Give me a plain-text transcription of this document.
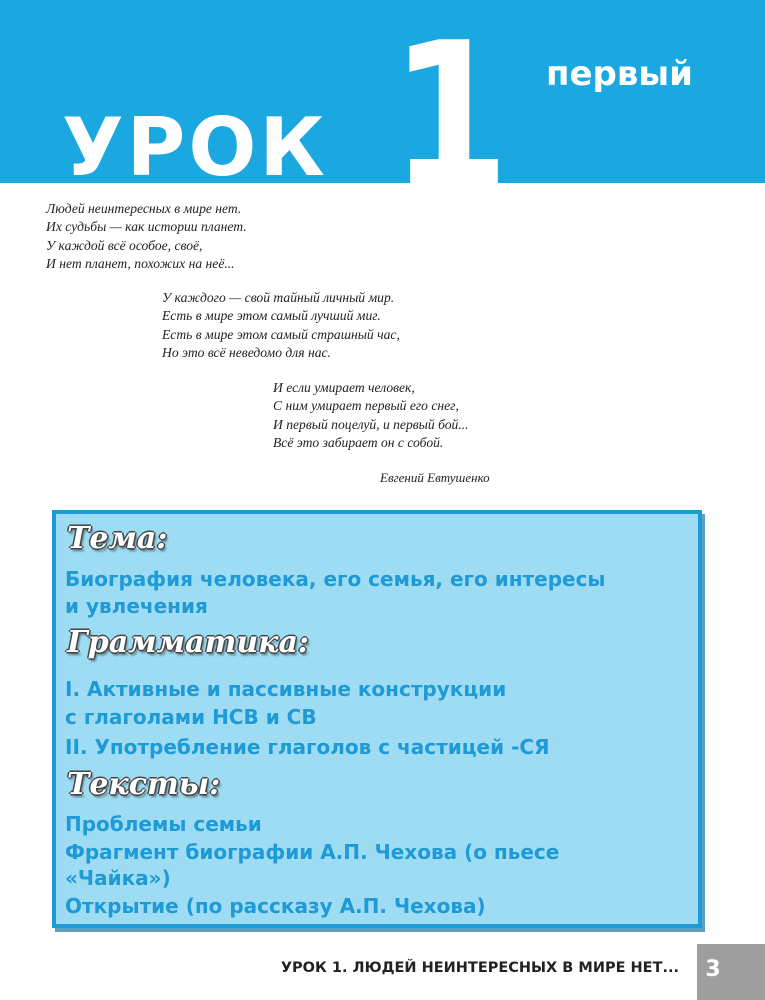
УРОК 1 первый
Людей неинтересных в мире нет.
Их судьбы — как истории планет.
У каждой всё особое, своё,
И нет планет, похожих на неё...
У каждого — свой тайный личный мир.
Есть в мире этом самый лучший миг.
Есть в мире этом самый страшный час,
Но это всё неведомо для нас.
И если умирает человек,
С ним умирает первый его снег,
И первый поцелуй, и первый бой...
Всё это забирает он с собой.
Евгений Евтушенко
Тема:
Биография человека, его семья, его интересы
и увлечения
Грамматика:
I. Активные и пассивные конструкции
с глаголами НСВ и СВ
II. Употребление глаголов с частицей -СЯ
Тексты:
Проблемы семьи
Фрагмент биографии А.П. Чехова (о пьесе
«Чайка»)
Открытие (по рассказу А.П. Чехова)
УРОК 1. ЛЮДЕЙ НЕИНТЕРЕСНЫХ В МИРЕ НЕТ...	3
